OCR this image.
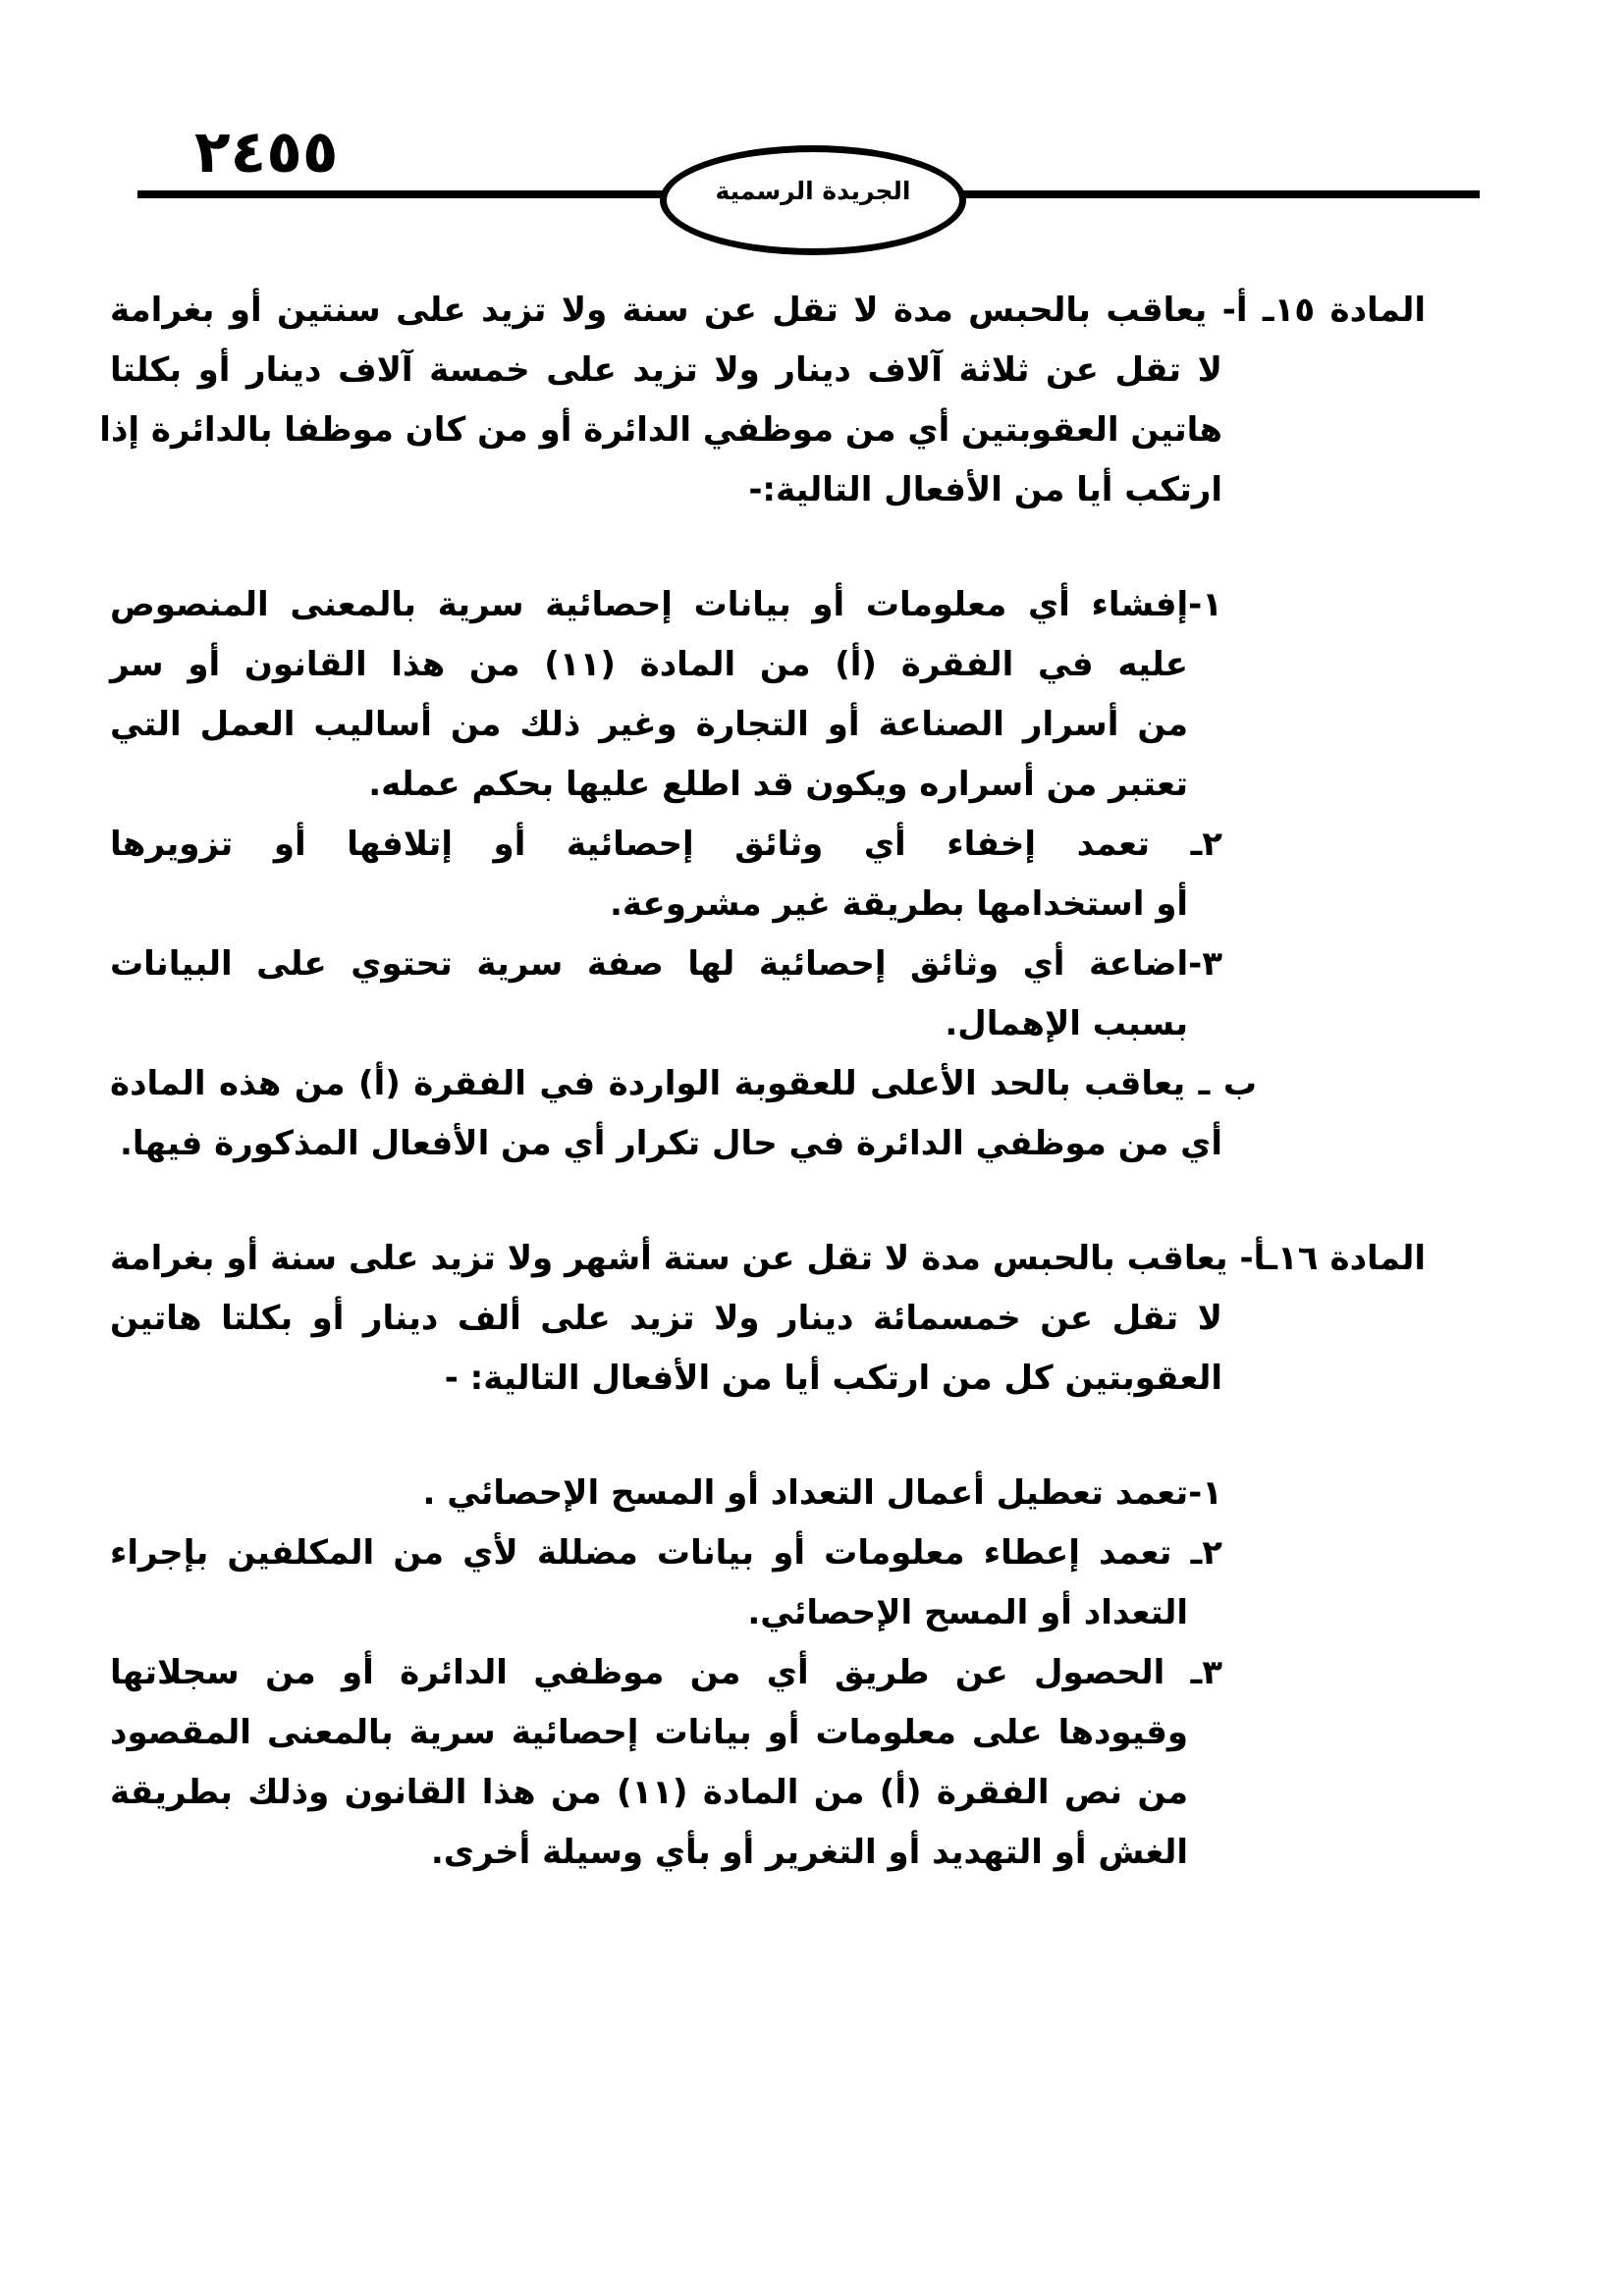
٢٤٥٥
الجريدة الرسمية
المادة ١٥ـ أ- يعاقب بالحبس مدة لا تقل عن سنة ولا تزيد على سنتين أو بغرامة
لا تقل عن ثلاثة آلاف دينار ولا تزيد على خمسة آلاف دينار أو بكلتا
هاتين العقوبتين أي من موظفي الدائرة أو من كان موظفا بالدائرة إذا
ارتكب أيا من الأفعال التالية:-
١-إفشاء أي معلومات أو بيانات إحصائية سرية بالمعنى المنصوص
عليه في الفقرة (أ) من المادة (١١) من هذا القانون أو سر
من أسرار الصناعة أو التجارة وغير ذلك من أساليب العمل التي
تعتبر من أسراره ويكون قد اطلع عليها بحكم عمله.
٢ـ تعمد إخفاء أي وثائق إحصائية أو إتلافها أو تزويرها
أو استخدامها بطريقة غير مشروعة.
٣-اضاعة أي وثائق إحصائية لها صفة سرية تحتوي على البيانات
بسبب الإهمال.
ب ـ يعاقب بالحد الأعلى للعقوبة الواردة في الفقرة (أ) من هذه المادة
أي من موظفي الدائرة في حال تكرار أي من الأفعال المذكورة فيها.
المادة ١٦ـأ- يعاقب بالحبس مدة لا تقل عن ستة أشهر ولا تزيد على سنة أو بغرامة
لا تقل عن خمسمائة دينار ولا تزيد على ألف دينار أو بكلتا هاتين
العقوبتين كل من ارتكب أيا من الأفعال التالية: -
١-تعمد تعطيل أعمال التعداد أو المسح الإحصائي .
٢ـ تعمد إعطاء معلومات أو بيانات مضللة لأي من المكلفين بإجراء
التعداد أو المسح الإحصائي.
٣ـ الحصول عن طريق أي من موظفي الدائرة أو من سجلاتها
وقيودها على معلومات أو بيانات إحصائية سرية بالمعنى المقصود
من نص الفقرة (أ) من المادة (١١) من هذا القانون وذلك بطريقة
الغش أو التهديد أو التغرير أو بأي وسيلة أخرى.
